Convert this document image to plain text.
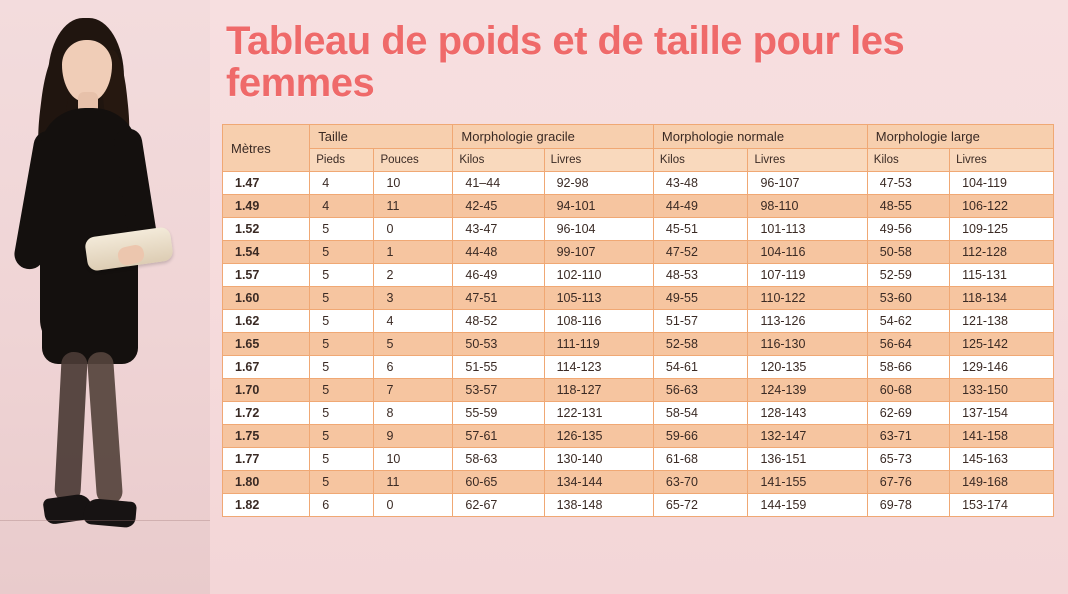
Tableau de poids et de taille pour les femmes
Mètres	Taille		Morphologie gracile		Morphologie normale		Morphologie large	
	Pieds	Pouces	Kilos	Livres	Kilos	Livres	Kilos	Livres
1.47	4	10	41–44	92-98	43-48	96-107	47-53	104-119
1.49	4	11	42-45	94-101	44-49	98-110	48-55	106-122
1.52	5	0	43-47	96-104	45-51	101-113	49-56	109-125
1.54	5	1	44-48	99-107	47-52	104-116	50-58	112-128
1.57	5	2	46-49	102-110	48-53	107-119	52-59	115-131
1.60	5	3	47-51	105-113	49-55	110-122	53-60	118-134
1.62	5	4	48-52	108-116	51-57	113-126	54-62	121-138
1.65	5	5	50-53	111-119	52-58	116-130	56-64	125-142
1.67	5	6	51-55	114-123	54-61	120-135	58-66	129-146
1.70	5	7	53-57	118-127	56-63	124-139	60-68	133-150
1.72	5	8	55-59	122-131	58-54	128-143	62-69	137-154
1.75	5	9	57-61	126-135	59-66	132-147	63-71	141-158
1.77	5	10	58-63	130-140	61-68	136-151	65-73	145-163
1.80	5	11	60-65	134-144	63-70	141-155	67-76	149-168
1.82	6	0	62-67	138-148	65-72	144-159	69-78	153-174
